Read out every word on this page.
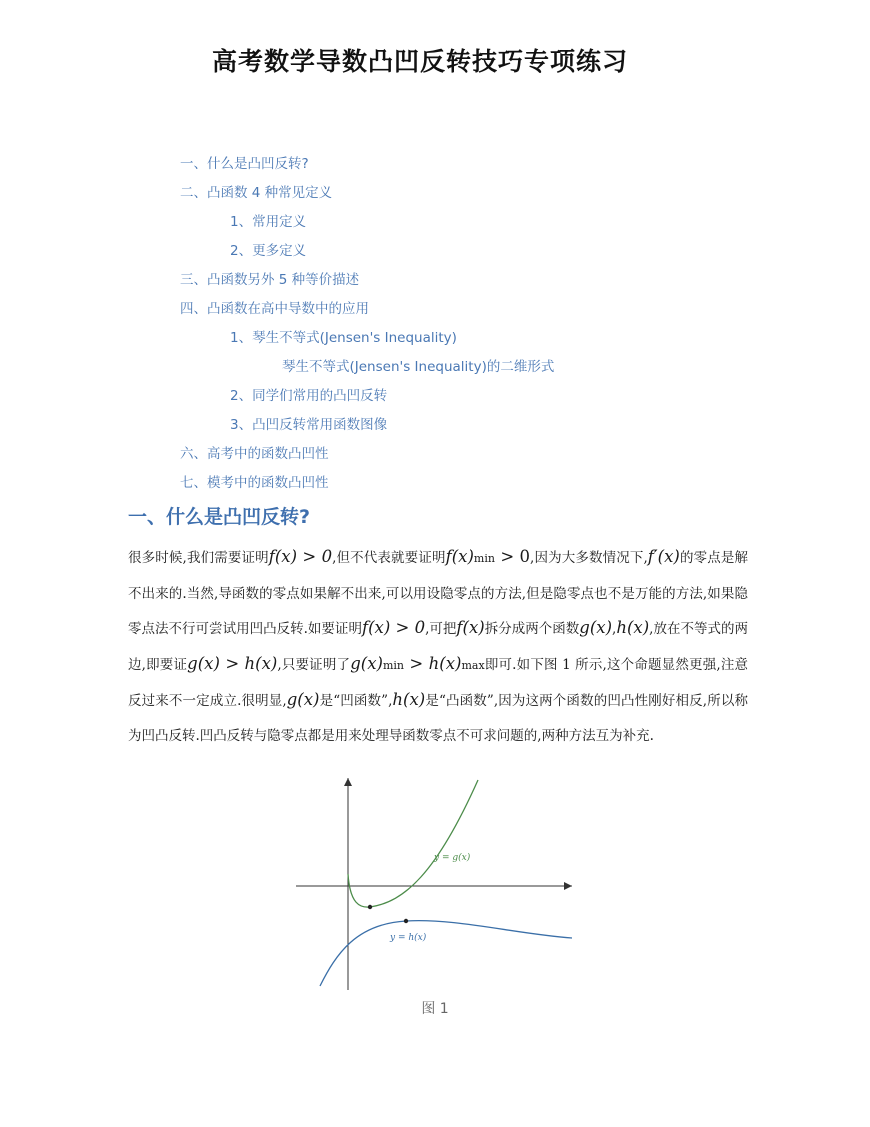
高考数学导数凸凹反转技巧专项练习
一、什么是凸凹反转?
二、凸函数 4 种常见定义
1、常用定义
2、更多定义
三、凸函数另外 5 种等价描述
四、凸函数在高中导数中的应用
1、琴生不等式(Jensen's Inequality)
琴生不等式(Jensen's Inequality)的二维形式
2、同学们常用的凸凹反转
3、凸凹反转常用函数图像
六、高考中的函数凸凹性
七、模考中的函数凸凹性
一、什么是凸凹反转?
很多时候,我们需要证明f(x) > 0,但不代表就要证明f(x)min > 0,因为大多数情况下,f′(x)的零点是解不出来的.当然,导函数的零点如果解不出来,可以用设隐零点的方法,但是隐零点也不是万能的方法,如果隐零点法不行可尝试用凹凸反转.如要证明f(x) > 0,可把f(x)拆分成两个函数g(x),h(x),放在不等式的两边,即要证g(x) > h(x),只要证明了g(x)min > h(x)max即可.如下图 1 所示,这个命题显然更强,注意反过来不一定成立.很明显,g(x)是“凹函数”,h(x)是“凸函数”,因为这两个函数的凹凸性刚好相反,所以称为凹凸反转.凹凸反转与隐零点都是用来处理导函数零点不可求问题的,两种方法互为补充.
y = g(x)
y = h(x)
图 1
